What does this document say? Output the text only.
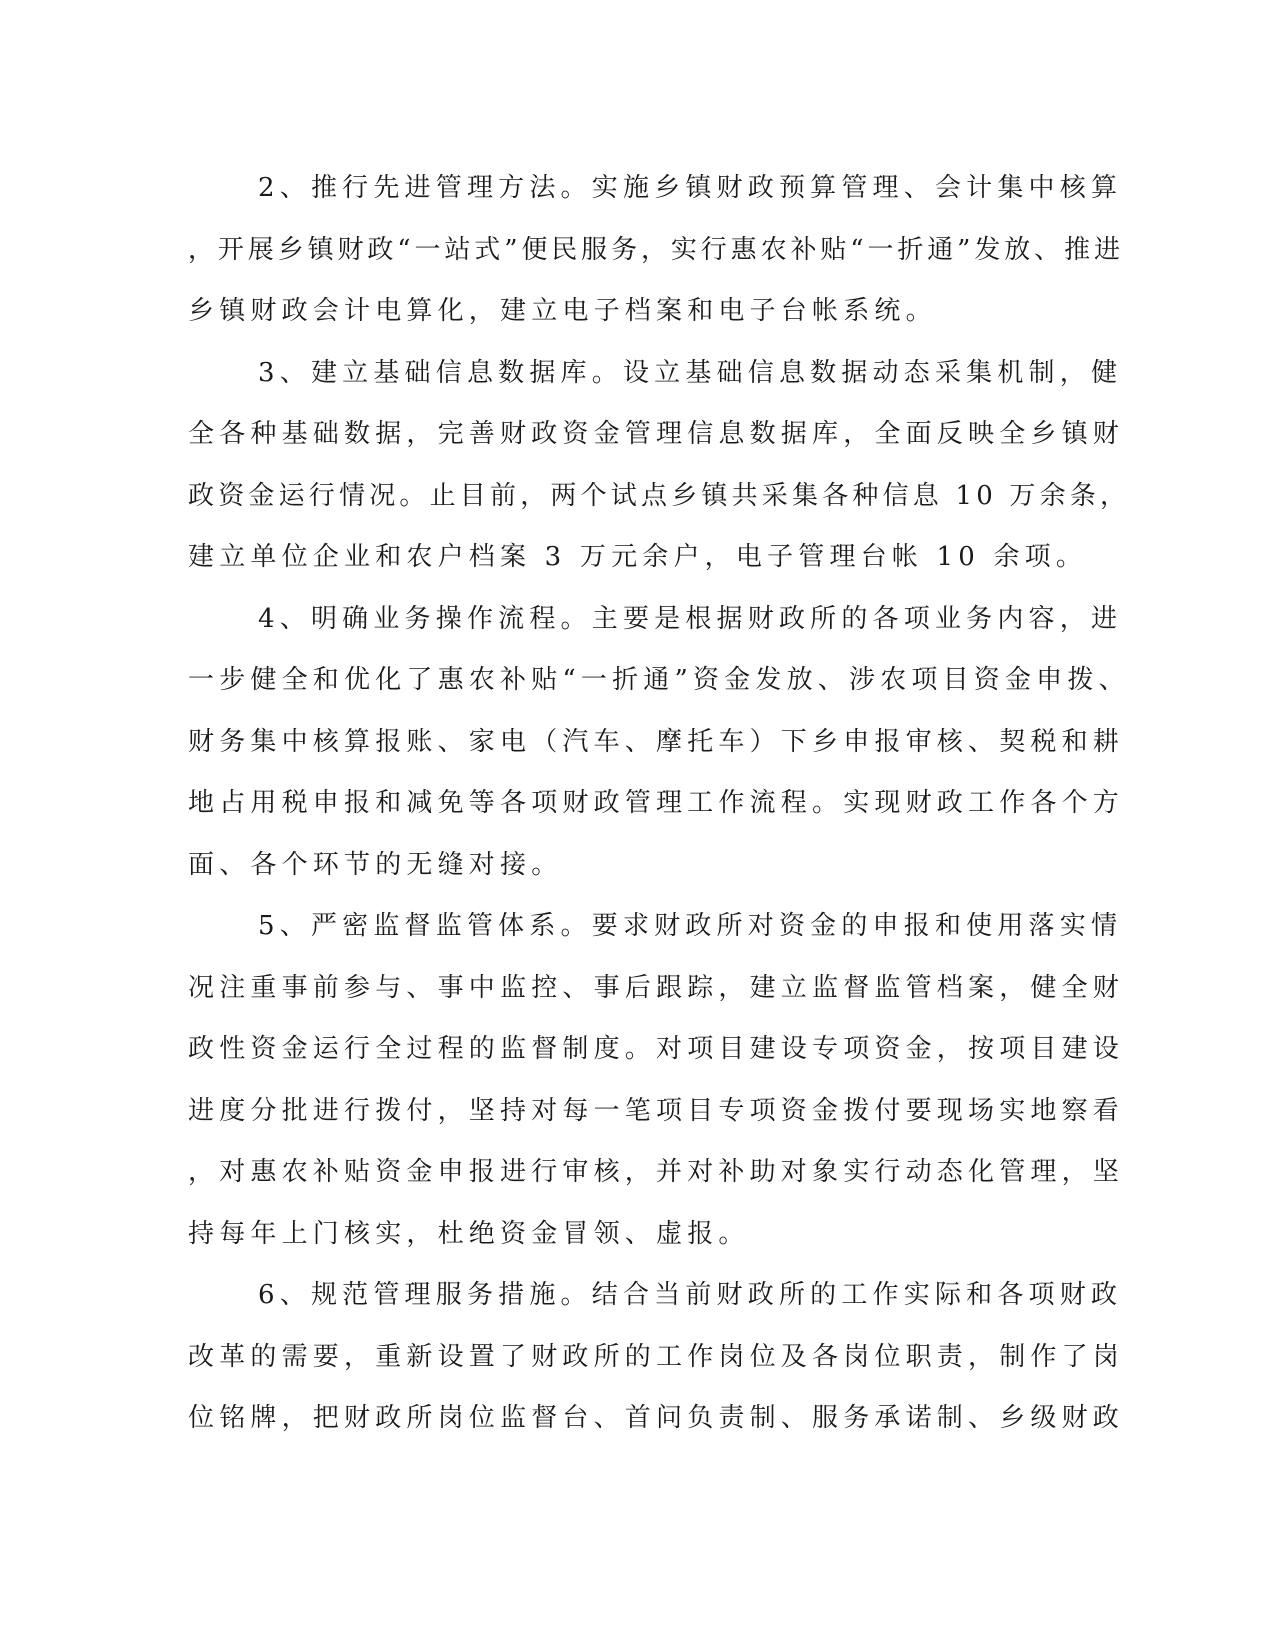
2、推行先进管理方法。实施乡镇财政预算管理、会计集中核算
，开展乡镇财政“一站式”便民服务，实行惠农补贴“一折通”发放、推进
乡镇财政会计电算化，建立电子档案和电子台帐系统。
3、建立基础信息数据库。设立基础信息数据动态采集机制，健
全各种基础数据，完善财政资金管理信息数据库，全面反映全乡镇财
政资金运行情况。止目前，两个试点乡镇共采集各种信息 10 万余条，
建立单位企业和农户档案 3 万元余户，电子管理台帐 10 余项。
4、明确业务操作流程。主要是根据财政所的各项业务内容，进
一步健全和优化了惠农补贴“一折通”资金发放、涉农项目资金申拨、
财务集中核算报账、家电（汽车、摩托车）下乡申报审核、契税和耕
地占用税申报和减免等各项财政管理工作流程。实现财政工作各个方
面、各个环节的无缝对接。
5、严密监督监管体系。要求财政所对资金的申报和使用落实情
况注重事前参与、事中监控、事后跟踪，建立监督监管档案，健全财
政性资金运行全过程的监督制度。对项目建设专项资金，按项目建设
进度分批进行拨付，坚持对每一笔项目专项资金拨付要现场实地察看
，对惠农补贴资金申报进行审核，并对补助对象实行动态化管理，坚
持每年上门核实，杜绝资金冒领、虚报。
6、规范管理服务措施。结合当前财政所的工作实际和各项财政
改革的需要，重新设置了财政所的工作岗位及各岗位职责，制作了岗
位铭牌，把财政所岗位监督台、首问负责制、服务承诺制、乡级财政
